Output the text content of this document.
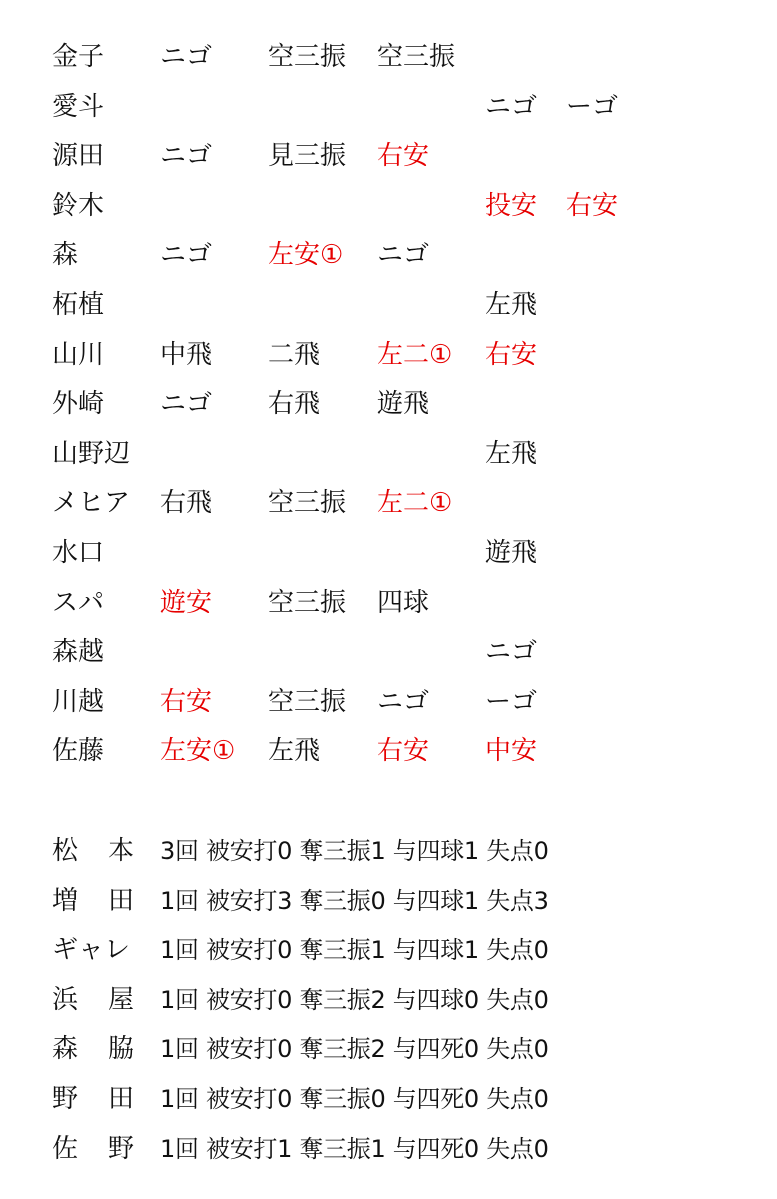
金子 ニゴ 空三振 空三振
愛斗	ニゴ ーゴ
源田 ニゴ 見三振 右安
鈴木	投安 右安
森	ニゴ 左安① ニゴ
柘植	左飛
山川 中飛 二飛 左二① 右安
外崎 ニゴ 右飛 遊飛
山野辺	左飛
メヒア 右飛 空三振 左二①
水口	遊飛
スパ 遊安 空三振 四球
森越	ニゴ
川越 右安 空三振 ニゴ ーゴ
佐藤 左安① 左飛 右安 中安
松 本 3回 被安打0 奪三振1 与四球1 失点0
増 田 1回 被安打3 奪三振0 与四球1 失点3
ギャレ 1回 被安打0 奪三振1 与四球1 失点0
浜 屋 1回 被安打0 奪三振2 与四球0 失点0
森 脇 1回 被安打0 奪三振2 与四死0 失点0
野 田 1回 被安打0 奪三振0 与四死0 失点0
佐 野 1回 被安打1 奪三振1 与四死0 失点0
